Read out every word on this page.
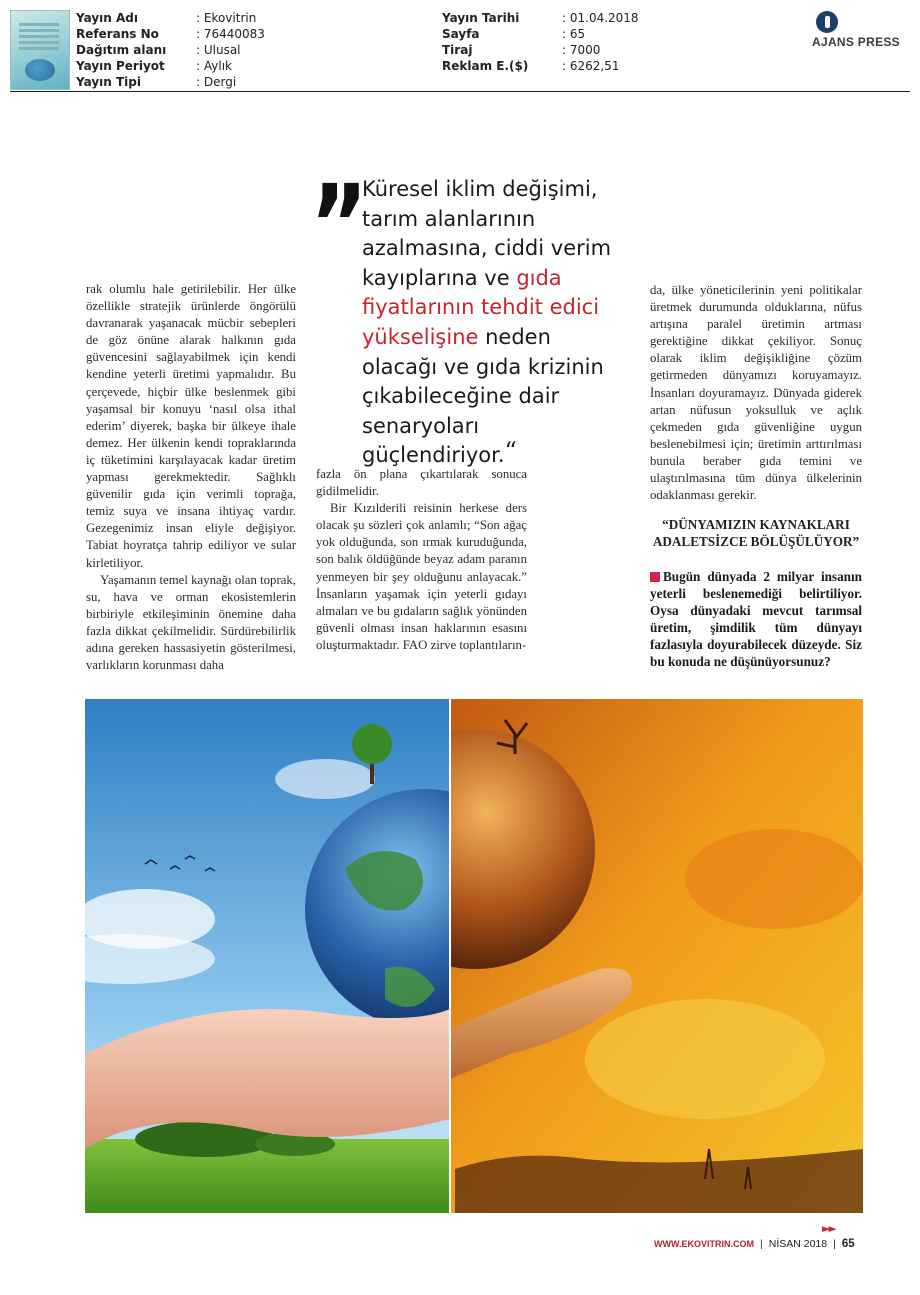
Yayın Adı	: Ekovitrin
Referans No	: 76440083
Dağıtım alanı	: Ulusal
Yayın Periyot	: Aylık
Yayın Tipi	: Dergi
Yayın Tarihi	: 01.04.2018
Sayfa	: 65
Tiraj	: 7000
Reklam E.($)	: 6262,51
AJANS PRESS
” Küresel iklim değişimi, tarım alanlarının azalmasına, ciddi verim kayıplarına ve gıda fiyatlarının tehdit edici yükselişine neden olacağı ve gıda krizinin çıkabileceğine dair senaryoları güçlendiriyor.“

rak olumlu hale getirilebilir. Her ülke özellikle stratejik ürünlerde öngörülü davranarak yaşanacak mücbir sebepleri de göz önüne alarak halkının gıda güvencesini sağlayabilmek için kendi kendine yeterli üretimi yapmalıdır. Bu çerçevede, hiçbir ülke beslenmek gibi yaşamsal bir konuyu ‘nasıl olsa ithal ederim’ diyerek, başka bir ülkeye ihale demez. Her ülkenin kendi topraklarında iç tüketimini karşılayacak kadar üretim yapması gerekmektedir. Sağlıklı güvenilir gıda için verimli toprağa, temiz suya ve insana ihtiyaç vardır. Gezegenimiz insan eliyle değişiyor. Tabiat hoyratça tahrip ediliyor ve sular kirletiliyor.

Yaşamanın temel kaynağı olan toprak, su, hava ve orman ekosistemlerin birbiriyle etkileşiminin önemine daha fazla dikkat çekilmelidir. Sürdürebilirlik adına gereken hassasiyetin gösterilmesi, varlıkların korunması daha

fazla ön plana çıkartılarak sonuca gidilmelidir.

Bir Kızılderili reisinin herkese ders olacak şu sözleri çok anlamlı; “Son ağaç yok olduğunda, son ırmak kuruduğunda, son balık öldüğünde beyaz adam paranın yenmeyen bir şey olduğunu anlayacak.” İnsanların yaşamak için yeterli gıdayı almaları ve bu gıdaların sağlık yönünden güvenli olması insan haklarının esasını oluşturmaktadır. FAO zirve toplantıların-

da, ülke yöneticilerinin yeni politikalar üretmek durumunda olduklarına, nüfus artışına paralel üretimin artması gerektiğine dikkat çekiliyor. Sonuç olarak iklim değişikliğine çözüm getirmeden dünyamızı koruyamayız. İnsanları doyuramayız. Dünyada giderek artan nüfusun yoksulluk ve açlık çekmeden gıda güvenliğine uygun beslenebilmesi için; üretimin arttırılması bunula beraber gıda temini ve ulaştırılmasına tüm dünya ülkelerinin odaklanması gerekir.

“DÜNYAMIZIN KAYNAKLARI ADALETSİZCE BÖLÜŞÜLÜYOR”
Bugün dünyada 2 milyar insanın yeterli beslenemediği belirtiliyor. Oysa dünyadaki mevcut tarımsal üretim, şimdilik tüm dünyayı fazlasıyla doyurabilecek düzeyde. Siz bu konuda ne düşünüyorsunuz?
►►
WWW.EKOVITRIN.COM | NİSAN 2018 | 65
